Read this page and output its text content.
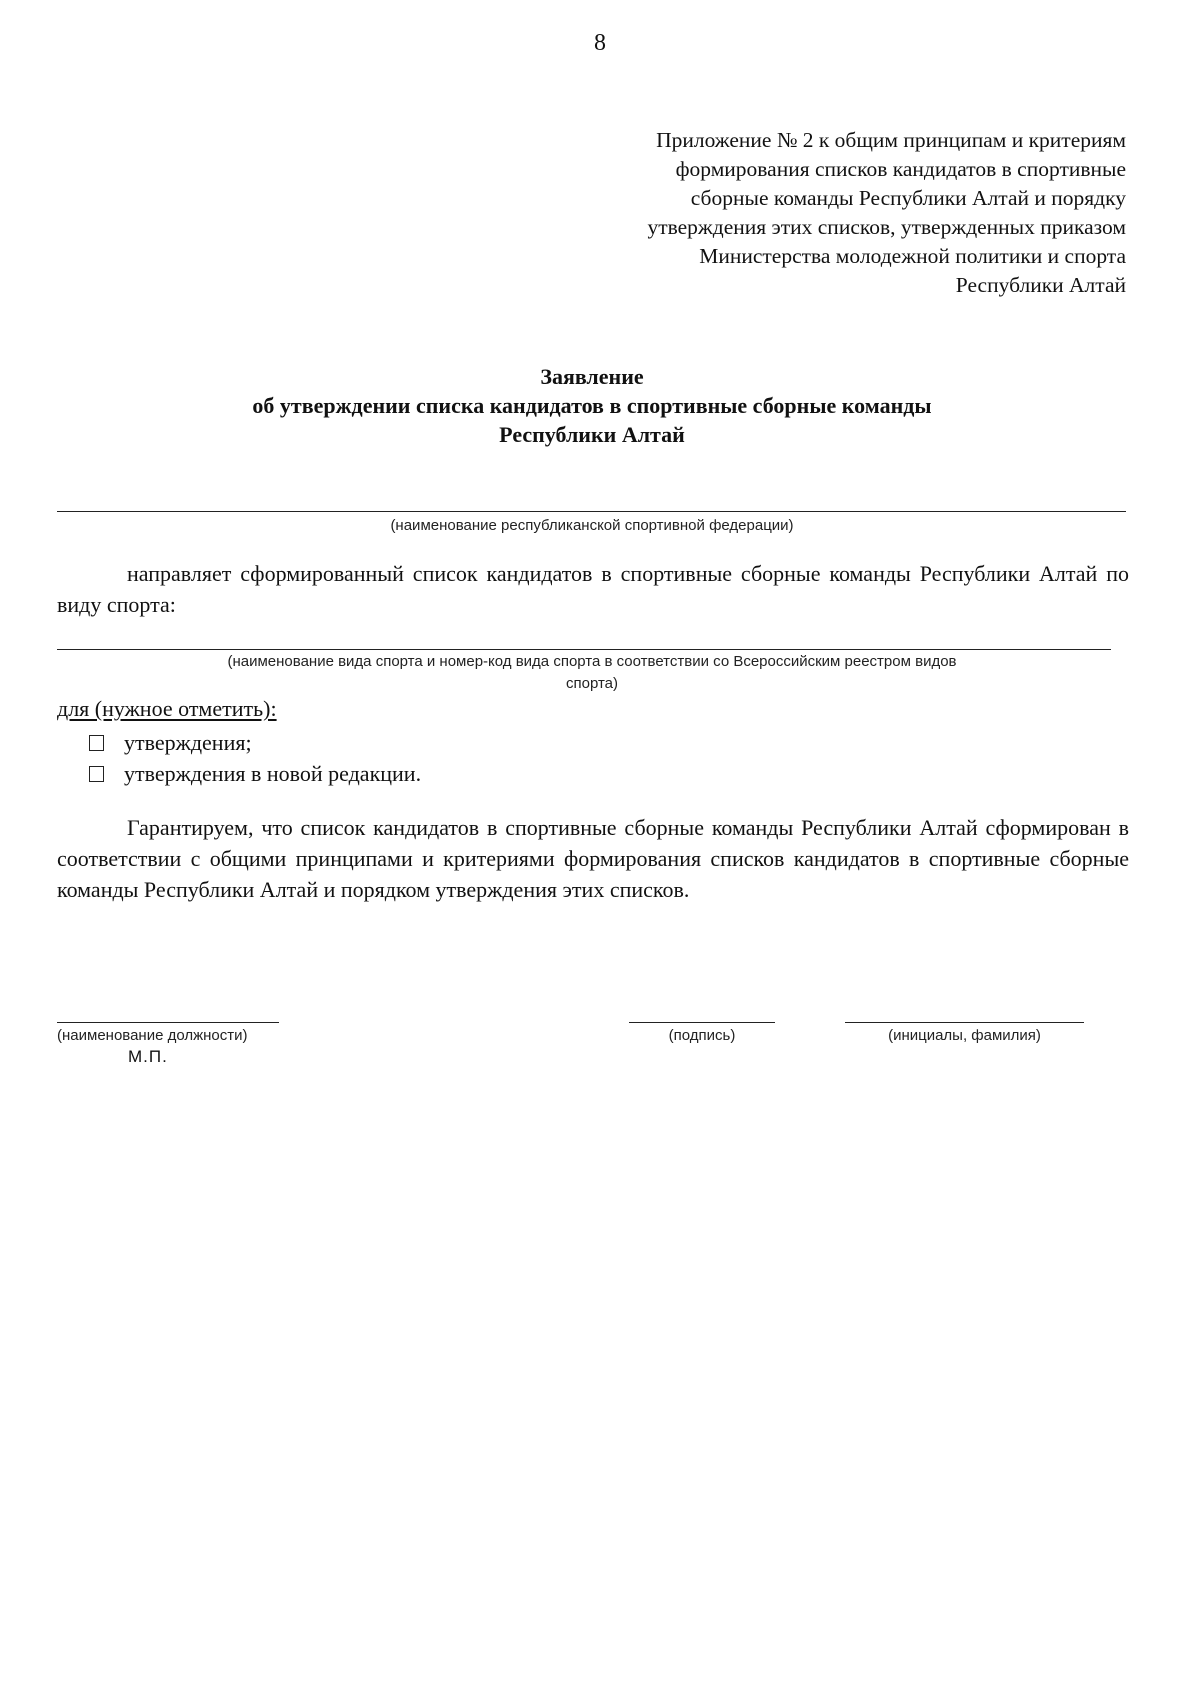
8
Приложение № 2 к общим принципам и критериям
формирования списков кандидатов в спортивные
сборные команды Республики Алтай и порядку
утверждения этих списков, утвержденных приказом
Министерства молодежной политики и спорта
Республики Алтай
Заявление
об утверждении списка кандидатов в спортивные сборные команды
Республики Алтай
(наименование республиканской спортивной федерации)
направляет сформированный список кандидатов в спортивные сборные команды Республики Алтай по виду спорта:
(наименование вида спорта и номер-код вида спорта в соответствии со Всероссийским реестром видов
спорта)
для (нужное отметить):
утверждения;
утверждения в новой редакции.
Гарантируем, что список кандидатов в спортивные сборные команды Республики Алтай сформирован в соответствии с общими принципами и критериями формирования списков кандидатов в спортивные сборные команды Республики Алтай и порядком утверждения этих списков.
(наименование должности)	(подпись)	(инициалы, фамилия)
М.П.
